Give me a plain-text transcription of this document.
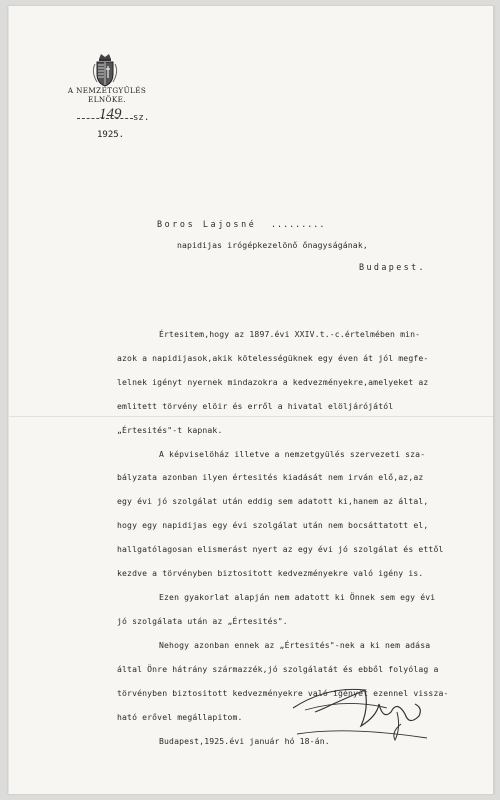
A NEMZETGYŰLÉS
ELNÖKE.
149 sz.
1925.
Boros Lajosné .........
napidijas irógépkezelönő őnagyságának,
Budapest.
Értesitem,hogy az 1897.évi XXIV.t.-c.értelmében min-
azok a napidijasok,akik kötelességüknek egy éven át jól megfe-
lelnek igényt nyernek mindazokra a kedvezményekre,amelyeket az
emlitett törvény elöir és erről a hivatal elöljárójától
„Értesités"-t kapnak.
A képviselöház illetve a nemzetgyülés szervezeti sza-
bályzata azonban ilyen értesités kiadását nem irván elő,az,az
egy évi jó szolgálat után eddig sem adatott ki,hanem az által,
hogy egy napidijas egy évi szolgálat után nem bocsáttatott el,
hallgatólagosan elismerást nyert az egy évi jó szolgálat és ettől
kezdve a törvényben biztositott kedvezményekre való igény is.
Ezen gyakorlat alapján nem adatott ki Önnek sem egy évi
jó szolgálata után az „Értesités".
Nehogy azonban ennek az „Értesités"-nek a ki nem adása
által Önre hátrány származzék,jó szolgálatát és ebből folyólag a
törvényben biztositott kedvezményekre való igényét ezennel vissza-
ható erővel megállapitom.
Budapest,1925.évi január hó 18-án.
